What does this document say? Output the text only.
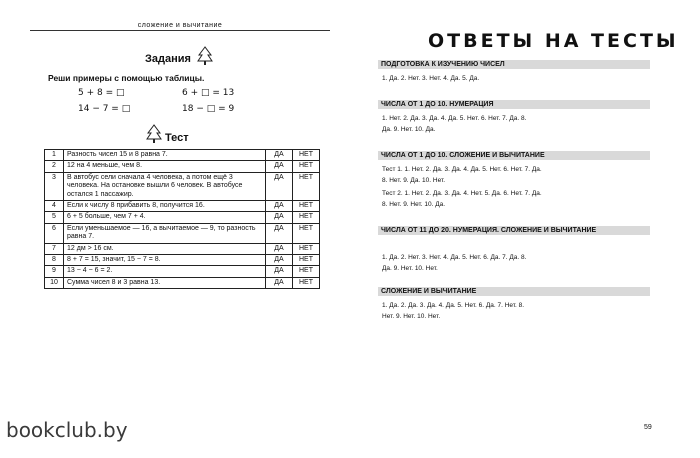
сложение и вычитание
Задания
Реши примеры с помощью таблицы.
5 + 8 = □	6 + □ = 13
14 − 7 = □	18 − □ = 9
Тест
1	Разность чисел 15 и 8 равна 7.	ДА	НЕТ
2	12 на 4 меньше, чем 8.	ДА	НЕТ
3	В автобус сели сначала 4 человека, а потом ещё 3 человека. На остановке вышли 6 человек. В автобусе остался 1 пассажир.	ДА	НЕТ
4	Если к числу 8 прибавить 8, получится 16.	ДА	НЕТ
5	6 + 5 больше, чем 7 + 4.	ДА	НЕТ
6	Если уменьшаемое — 16, а вычитаемое — 9, то разность равна 7.	ДА	НЕТ
7	12 дм > 16 см.	ДА	НЕТ
8	8 + 7 = 15, значит, 15 − 7 = 8.	ДА	НЕТ
9	13 − 4 − 6 = 2.	ДА	НЕТ
10	Сумма чисел 8 и 3 равна 13.	ДА	НЕТ
ОТВЕТЫ НА ТЕСТЫ
ПОДГОТОВКА К ИЗУЧЕНИЮ ЧИСЕЛ
1. Да. 2. Нет. 3. Нет. 4. Да. 5. Да.
ЧИСЛА ОТ 1 ДО 10. НУМЕРАЦИЯ
1. Нет. 2. Да. 3. Да. 4. Да. 5. Нет. 6. Нет. 7. Да. 8.
Да. 9. Нет. 10. Да.
ЧИСЛА ОТ 1 ДО 10. СЛОЖЕНИЕ И ВЫЧИТАНИЕ
Тест 1. 1. Нет. 2. Да. 3. Да. 4. Да. 5. Нет. 6. Нет. 7. Да.
8. Нет. 9. Да. 10. Нет.
Тест 2. 1. Нет. 2. Да. 3. Да. 4. Нет. 5. Да. 6. Нет. 7. Да.
8. Нет. 9. Нет. 10. Да.
ЧИСЛА ОТ 11 ДО 20. НУМЕРАЦИЯ. СЛОЖЕНИЕ И ВЫЧИТАНИЕ
1. Да. 2. Нет. 3. Нет. 4. Да. 5. Нет. 6. Да. 7. Да. 8.
Да. 9. Нет. 10. Нет.
СЛОЖЕНИЕ И ВЫЧИТАНИЕ
1. Да. 2. Да. 3. Да. 4. Да. 5. Нет. 6. Да. 7. Нет. 8.
Нет. 9. Нет. 10. Нет.
bookclub.by	59
